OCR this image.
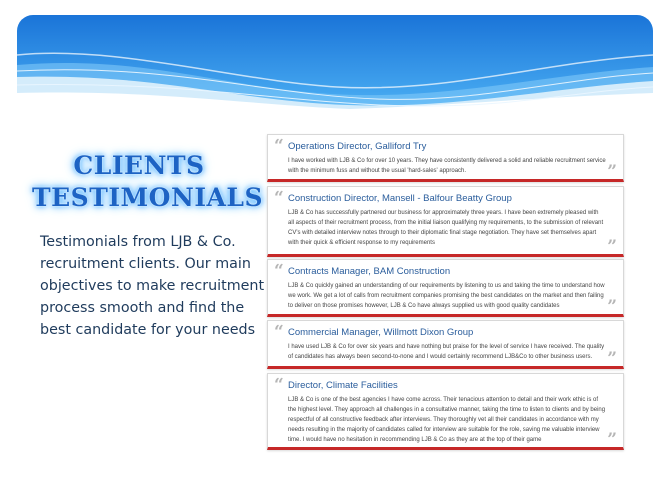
CLIENTS
TESTIMONIALS
Testimonials from LJB & Co. recruitment clients. Our main objectives to make recruitment process smooth and find the best candidate for your needs
“ Operations Director, Galliford Try
I have worked with LJB & Co for over 10 years. They have consistently delivered a solid and reliable recruitment service with the minimum fuss and without the usual 'hard-sales' approach.	”
“ Construction Director, Mansell - Balfour Beatty Group
LJB & Co has successfully partnered our business for approximately three years. I have been extremely pleased with all aspects of their recruitment process, from the initial liaison qualifying my requirements, to the submission of relevant CV's with detailed interview notes through to their diplomatic final stage negotiation. They have set themselves apart with their quick & efficient response to my requirements	”
“ Contracts Manager, BAM Construction
LJB & Co quickly gained an understanding of our requirements by listening to us and taking the time to understand how we work. We get a lot of calls from recruitment companies promising the best candidates on the market and then failing to deliver on those promises however, LJB & Co have always supplied us with good quality candidates	”
“ Commercial Manager, Willmott Dixon Group
I have used LJB & Co for over six years and have nothing but praise for the level of service I have received. The quality of candidates has always been second-to-none and I would certainly recommend LJB&Co to other business users. ”
“ Director, Climate Facilities
LJB & Co is one of the best agencies I have come across. Their tenacious attention to detail and their work ethic is of the highest level. They approach all challenges in a consultative manner, taking the time to listen to clients and by being respectful of all constructive feedback after interviews. They thoroughly vet all their candidates in accordance with my needs resulting in the majority of candidates called for interview are suitable for the role, saving me valuable interview time. I would have no hesitation in recommending LJB & Co as they are at the top of their game	”
